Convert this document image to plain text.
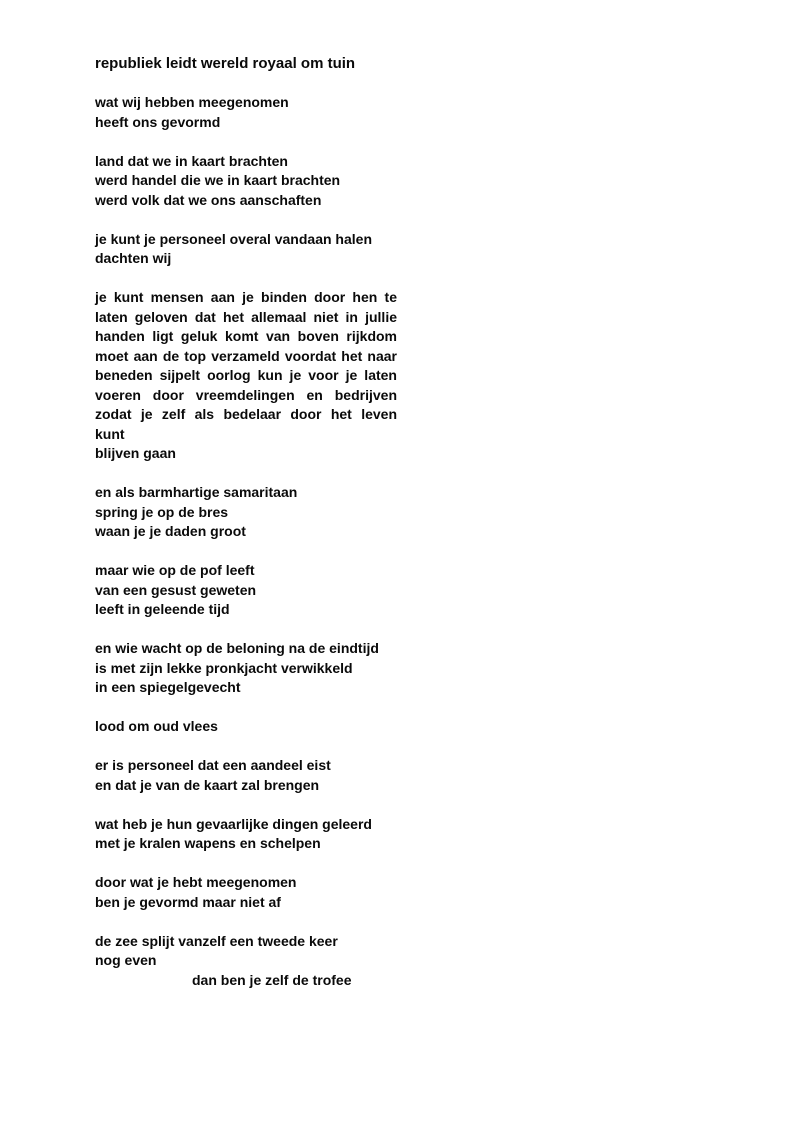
republiek leidt wereld royaal om tuin
wat wij hebben meegenomen
heeft ons gevormd
land dat we in kaart brachten
werd handel die we in kaart brachten
werd volk dat we ons aanschaften
je kunt je personeel overal vandaan halen
dachten wij
je kunt mensen aan je binden door hen te
laten geloven dat het allemaal niet in jullie
handen ligt geluk komt van boven rijkdom
moet aan de top verzameld voordat het naar
beneden sijpelt oorlog kun je voor je laten
voeren door vreemdelingen en bedrijven
zodat je zelf als bedelaar door het leven
kunt
blijven gaan
en als barmhartige samaritaan
spring je op de bres
waan je je daden groot
maar wie op de pof leeft
van een gesust geweten
leeft in geleende tijd
en wie wacht op de beloning na de eindtijd
is met zijn lekke pronkjacht verwikkeld
in een spiegelgevecht
lood om oud vlees
er is personeel dat een aandeel eist
en dat je van de kaart zal brengen
wat heb je hun gevaarlijke dingen geleerd
met je kralen wapens en schelpen
door wat je hebt meegenomen
ben je gevormd maar niet af
de zee splijt vanzelf een tweede keer
nog even
dan ben je zelf de trofee
